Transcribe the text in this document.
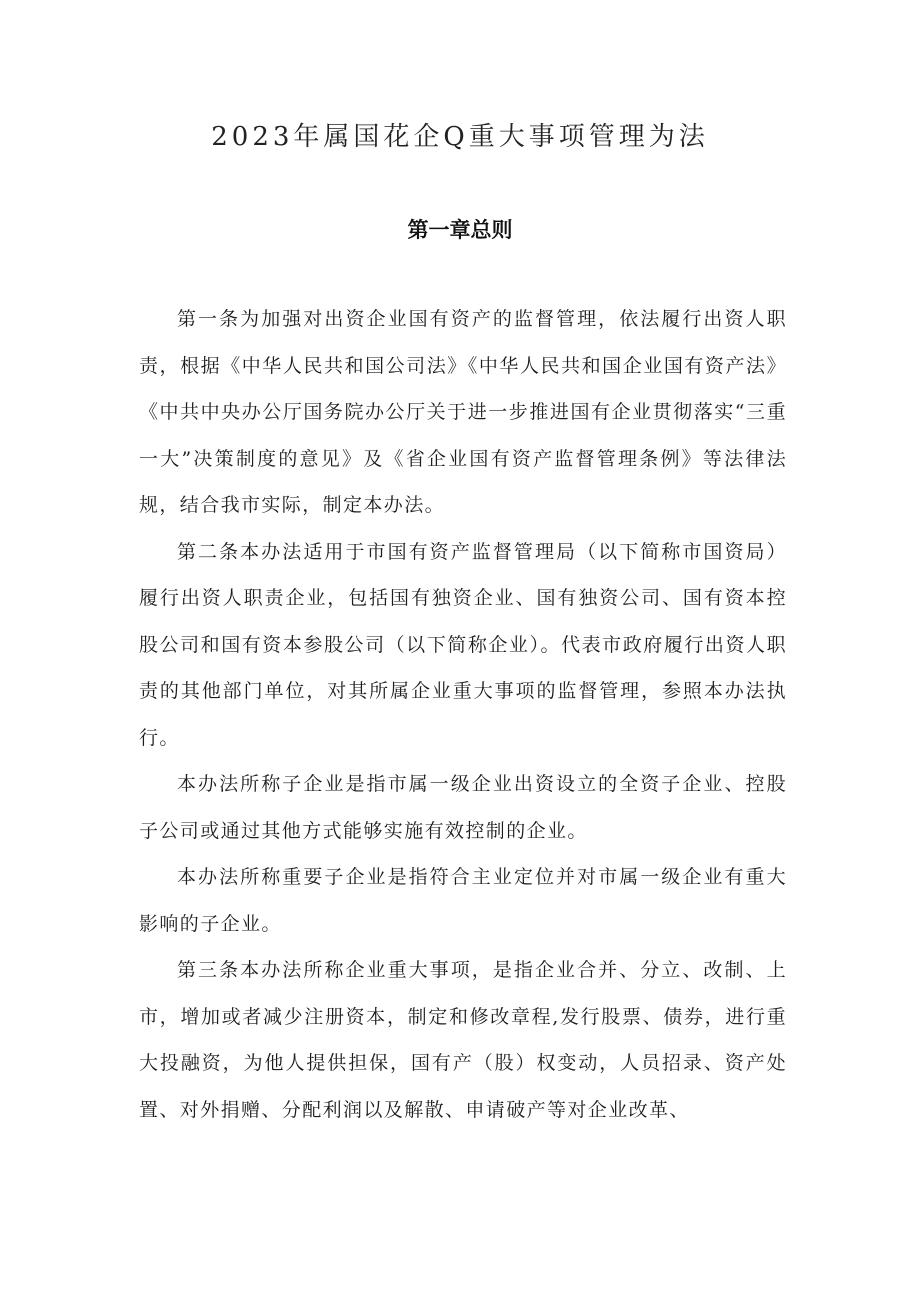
2023年属国花企Q重大事项管理为法
第一章总则

第一条为加强对出资企业国有资产的监督管理，依法履行出资人职责，根据《中华人民共和国公司法》《中华人民共和国企业国有资产法》《中共中央办公厅国务院办公厅关于进一步推进国有企业贯彻落实“三重一大”决策制度的意见》及《省企业国有资产监督管理条例》等法律法规，结合我市实际，制定本办法。

第二条本办法适用于市国有资产监督管理局（以下简称市国资局）履行出资人职责企业，包括国有独资企业、国有独资公司、国有资本控股公司和国有资本参股公司（以下简称企业）。代表市政府履行出资人职责的其他部门单位，对其所属企业重大事项的监督管理，参照本办法执行。

本办法所称子企业是指市属一级企业出资设立的全资子企业、控股子公司或通过其他方式能够实施有效控制的企业。

本办法所称重要子企业是指符合主业定位并对市属一级企业有重大影响的子企业。

第三条本办法所称企业重大事项，是指企业合并、分立、改制、上市，增加或者减少注册资本，制定和修改章程,发行股票、债券，进行重大投融资，为他人提供担保，国有产（股）权变动，人员招录、资产处置、对外捐赠、分配利润以及解散、申请破产等对企业改革、
